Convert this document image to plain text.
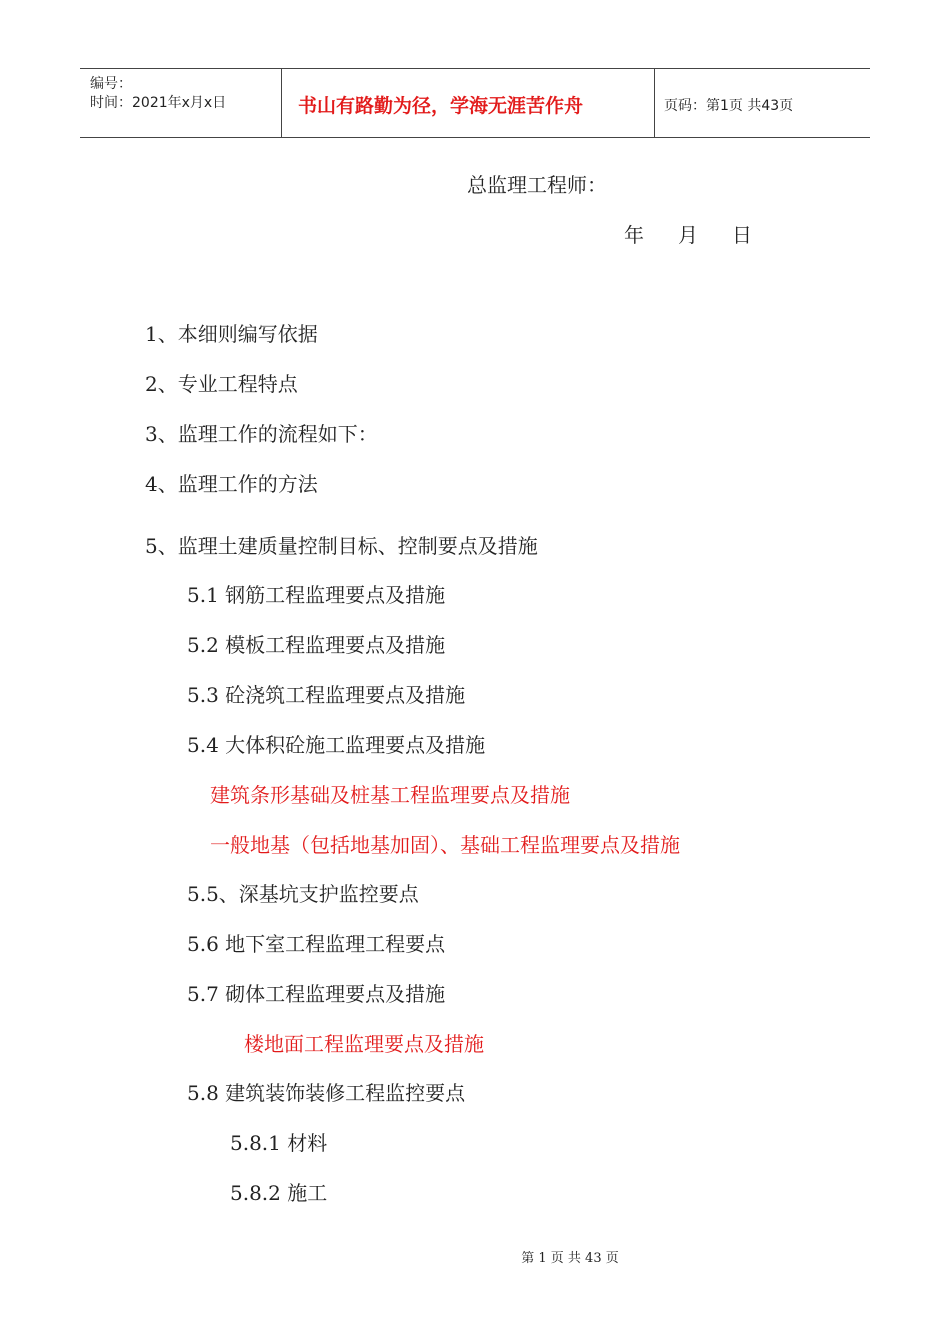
编号：
时间：2021年x月x日	书山有路勤为径，学海无涯苦作舟	页码：第1页 共43页
总监理工程师：
年 月 日
1、本细则编写依据
2、专业工程特点
3、监理工作的流程如下：
4、监理工作的方法
5、监理土建质量控制目标、控制要点及措施
5.1 钢筋工程监理要点及措施
5.2 模板工程监理要点及措施
5.3 砼浇筑工程监理要点及措施
5.4 大体积砼施工监理要点及措施
建筑条形基础及桩基工程监理要点及措施
一般地基（包括地基加固）、基础工程监理要点及措施
5.5、深基坑支护监控要点
5.6 地下室工程监理工程要点
5.7 砌体工程监理要点及措施
楼地面工程监理要点及措施
5.8 建筑装饰装修工程监控要点
5.8.1 材料
5.8.2 施工
第 1 页 共 43 页
